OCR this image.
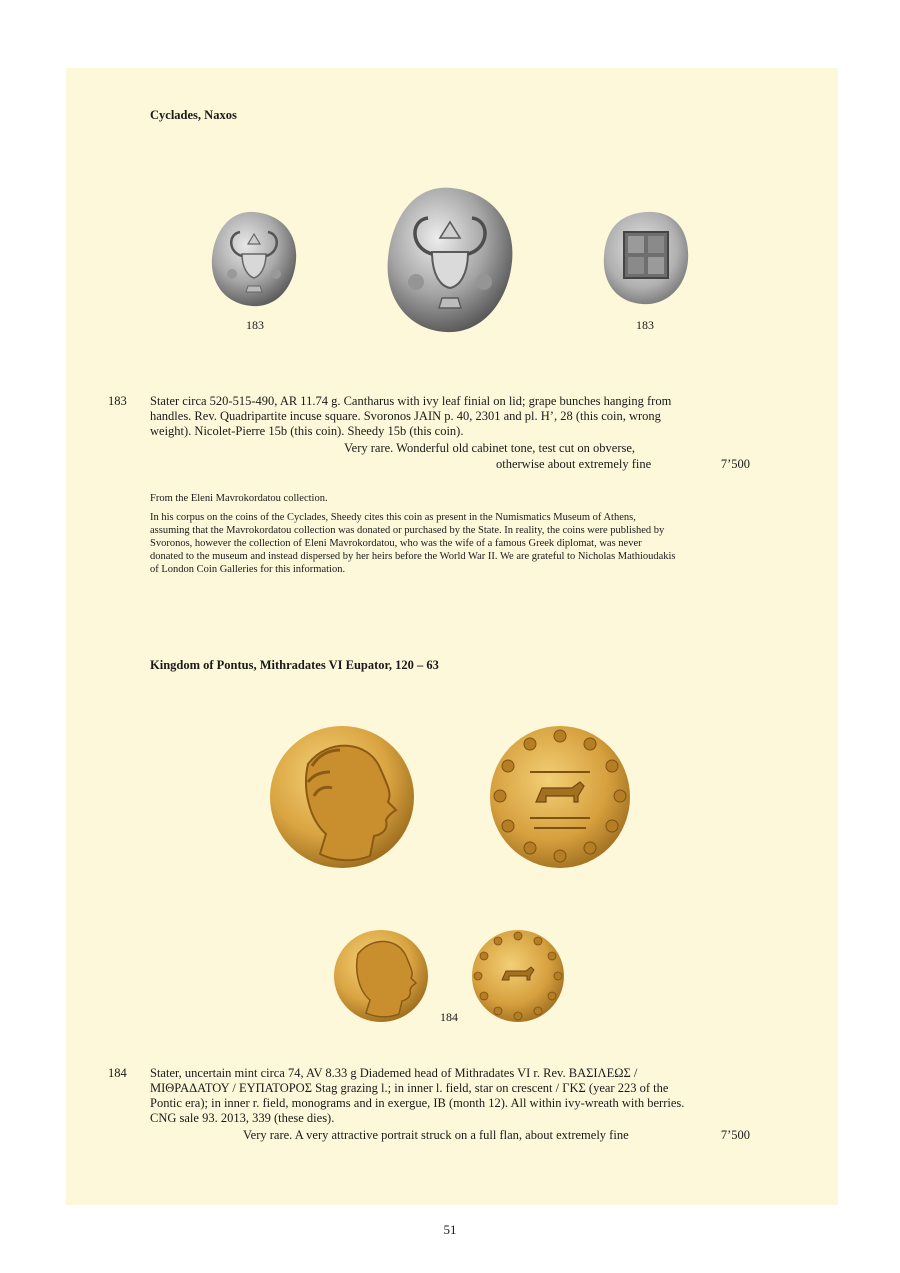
Cyclades, Naxos
183	183
183 Stater circa 520-515-490, AR 11.74 g. Cantharus with ivy leaf finial on lid; grape bunches hanging from
handles. Rev. Quadripartite incuse square. Svoronos JAIN p. 40, 2301 and pl. H’, 28 (this coin, wrong
weight). Nicolet-Pierre 15b (this coin). Sheedy 15b (this coin).
Very rare. Wonderful old cabinet tone, test cut on obverse,
otherwise about extremely fine	7’500
From the Eleni Mavrokordatou collection.
In his corpus on the coins of the Cyclades, Sheedy cites this coin as present in the Numismatics Museum of Athens,
assuming that the Mavrokordatou collection was donated or purchased by the State. In reality, the coins were published by
Svoronos, however the collection of Eleni Mavrokordatou, who was the wife of a famous Greek diplomat, was never
donated to the museum and instead dispersed by her heirs before the World War II. We are grateful to Nicholas Mathioudakis
of London Coin Galleries for this information.
Kingdom of Pontus, Mithradates VI Eupator, 120 – 63
184
184 Stater, uncertain mint circa 74, AV 8.33 g Diademed head of Mithradates VI r. Rev. ΒΑΣΙΛΕΩΣ /
ΜΙΘΡΑΔΑΤΟΥ / ΕΥΠΑΤΟΡΟΣ Stag grazing l.; in inner l. field, star on crescent / ΓΚΣ (year 223 of the
Pontic era); in inner r. field, monograms and in exergue, IB (month 12). All within ivy-wreath with berries.
CNG sale 93. 2013, 339 (these dies).
Very rare. A very attractive portrait struck on a full flan, about extremely fine	7’500
51
